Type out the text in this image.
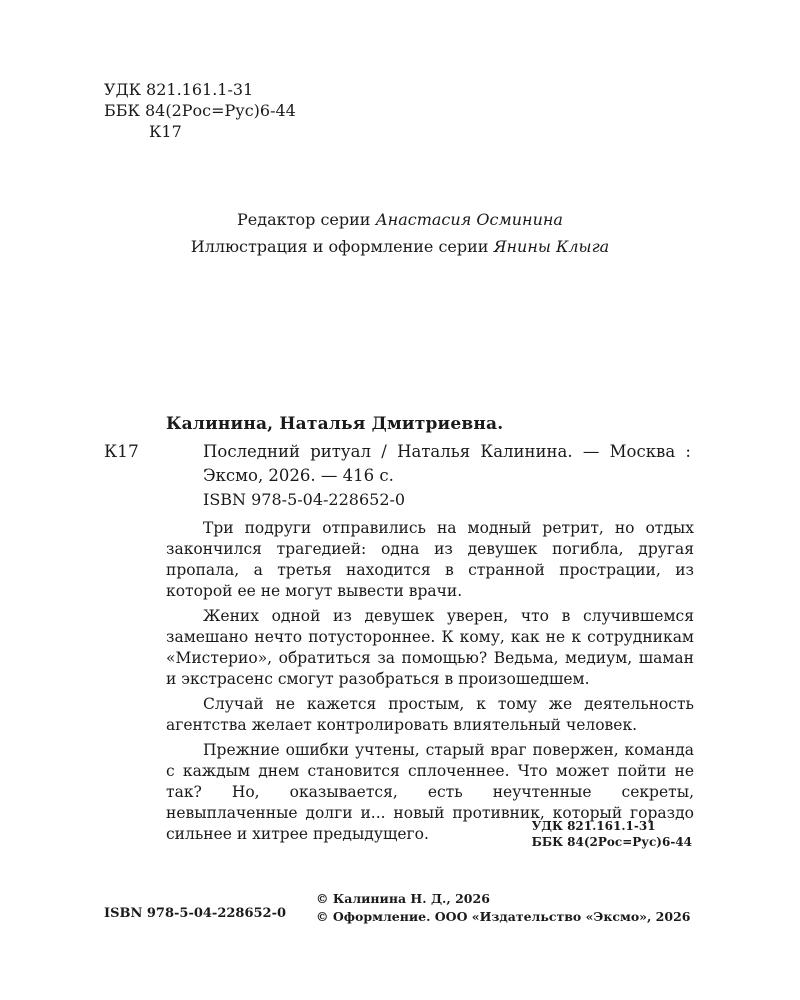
УДК 821.161.1-31
ББК 84(2Рос=Рус)6-44
К17
Редактор серии Анастасия Осминина
Иллюстрация и оформление серии Янины Клыга
Калинина, Наталья Дмитриевна.
К17	Последний ритуал / Наталья Калинина. — Москва : Эксмо, 2026. — 416 с.
ISBN 978-5-04-228652-0

Три подруги отправились на модный ретрит, но отдых закончился трагедией: одна из девушек погибла, другая пропала, а третья находится в странной прострации, из которой ее не могут вывести врачи.

Жених одной из девушек уверен, что в случившемся замешано нечто потустороннее. К кому, как не к сотрудникам «Мистерио», обратиться за помощью? Ведьма, медиум, шаман и экстрасенс смогут разобраться в произошедшем.

Случай не кажется простым, к тому же деятельность агентства желает контролировать влиятельный человек.

Прежние ошибки учтены, старый враг повержен, команда с каждым днем становится сплоченнее. Что может пойти не так? Но, оказывается, есть неучтенные секреты, невыплаченные долги и... новый противник, который гораздо сильнее и хитрее предыдущего.	УДК 821.161.1-31
ББК 84(2Рос=Рус)6-44
ISBN 978-5-04-228652-0
© Калинина Н. Д., 2026
© Оформление. ООО «Издательство «Эксмо», 2026
